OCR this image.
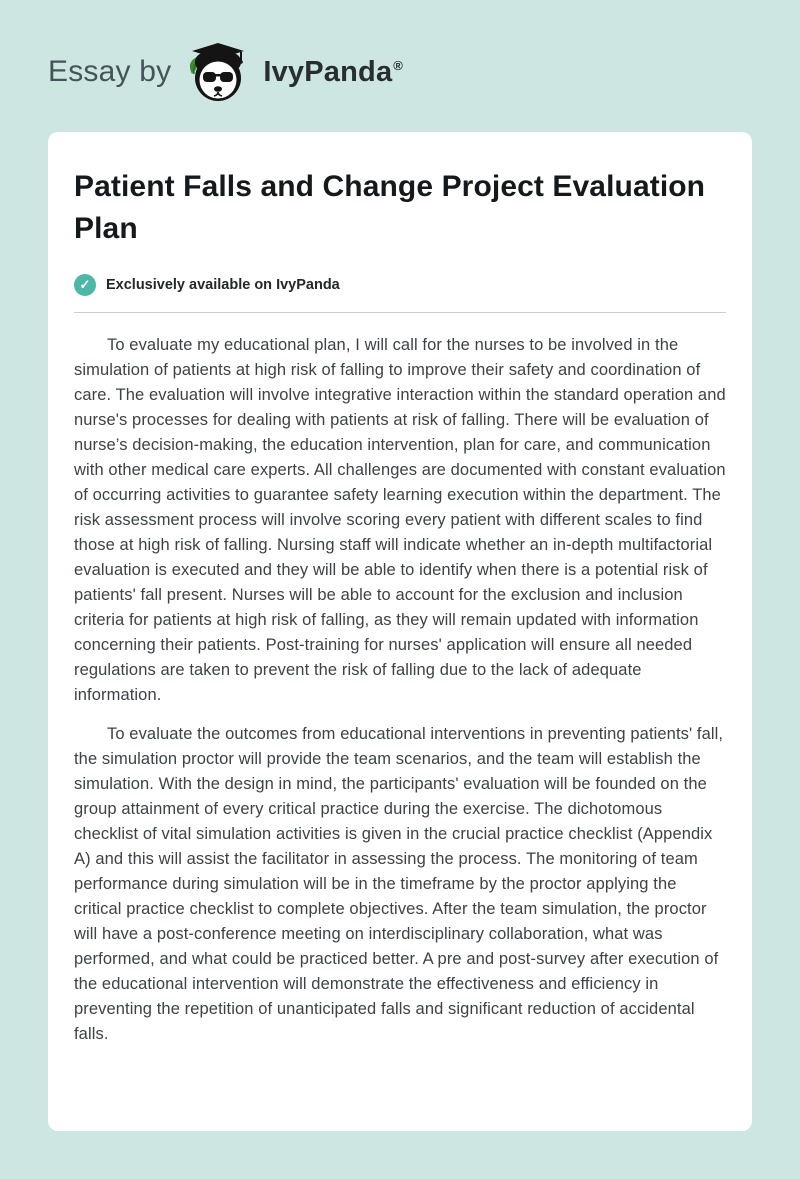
Essay by	IvyPanda ®
Patient Falls and Change Project Evaluation Plan
✓	Exclusively available on IvyPanda

To evaluate my educational plan, I will call for the nurses to be involved in the simulation of patients at high risk of falling to improve their safety and coordination of care. The evaluation will involve integrative interaction within the standard operation and nurse's processes for dealing with patients at risk of falling. There will be evaluation of nurse’s decision-making, the education intervention, plan for care, and communication with other medical care experts. All challenges are documented with constant evaluation of occurring activities to guarantee safety learning execution within the department. The risk assessment process will involve scoring every patient with different scales to find those at high risk of falling. Nursing staff will indicate whether an in-depth multifactorial evaluation is executed and they will be able to identify when there is a potential risk of patients' fall present. Nurses will be able to account for the exclusion and inclusion criteria for patients at high risk of falling, as they will remain updated with information concerning their patients. Post-training for nurses' application will ensure all needed regulations are taken to prevent the risk of falling due to the lack of adequate information.

To evaluate the outcomes from educational interventions in preventing patients' fall, the simulation proctor will provide the team scenarios, and the team will establish the simulation. With the design in mind, the participants' evaluation will be founded on the group attainment of every critical practice during the exercise. The dichotomous checklist of vital simulation activities is given in the crucial practice checklist (Appendix A) and this will assist the facilitator in assessing the process. The monitoring of team performance during simulation will be in the timeframe by the proctor applying the critical practice checklist to complete objectives. After the team simulation, the proctor will have a post-conference meeting on interdisciplinary collaboration, what was performed, and what could be practiced better. A pre and post-survey after execution of the educational intervention will demonstrate the effectiveness and efficiency in preventing the repetition of unanticipated falls and significant reduction of accidental falls.
